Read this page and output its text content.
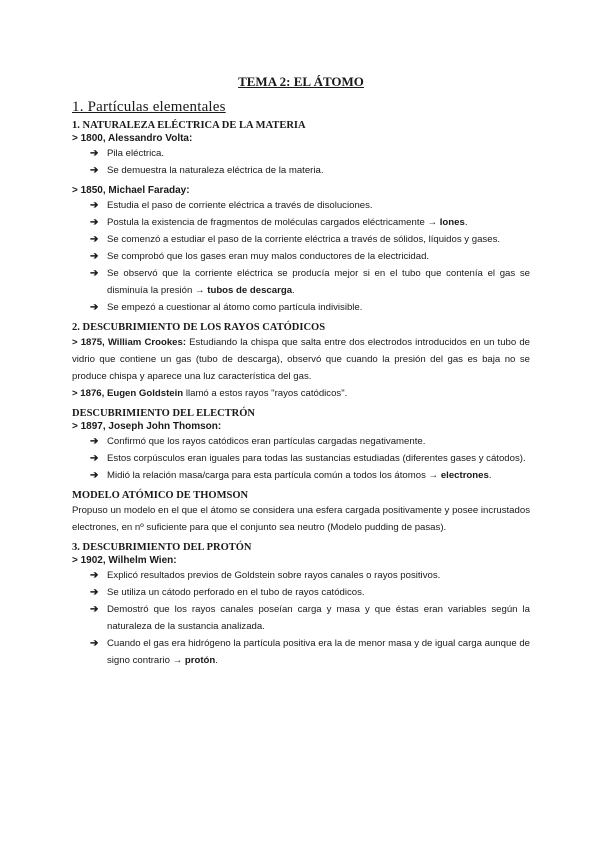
TEMA 2: EL ÁTOMO
1. Partículas elementales
1. NATURALEZA ELÉCTRICA DE LA MATERIA
> 1800, Alessandro Volta:
➔ Pila eléctrica.
➔ Se demuestra la naturaleza eléctrica de la materia.
> 1850, Michael Faraday:
➔ Estudia el paso de corriente eléctrica a través de disoluciones.
➔ Postula la existencia de fragmentos de moléculas cargados eléctricamente → Iones.
➔ Se comenzó a estudiar el paso de la corriente eléctrica a través de sólidos, líquidos y gases.
➔ Se comprobó que los gases eran muy malos conductores de la electricidad.
➔ Se observó que la corriente eléctrica se producía mejor si en el tubo que contenía el gas se disminuía la presión → tubos de descarga.
➔ Se empezó a cuestionar al átomo como partícula indivisible.
2. DESCUBRIMIENTO DE LOS RAYOS CATÓDICOS

> 1875, William Crookes: Estudiando la chispa que salta entre dos electrodos introducidos en un tubo de vidrio que contiene un gas (tubo de descarga), observó que cuando la presión del gas es baja no se produce chispa y aparece una luz característica del gas.

> 1876, Eugen Goldstein llamó a estos rayos "rayos catódicos".

DESCUBRIMIENTO DEL ELECTRÓN
> 1897, Joseph John Thomson:
➔ Confirmó que los rayos catódicos eran partículas cargadas negativamente.
➔ Estos corpúsculos eran iguales para todas las sustancias estudiadas (diferentes gases y cátodos).
➔ Midió la relación masa/carga para esta partícula común a todos los átomos → electrones.
MODELO ATÓMICO DE THOMSON

Propuso un modelo en el que el átomo se considera una esfera cargada positivamente y posee incrustados electrones, en nº suficiente para que el conjunto sea neutro (Modelo pudding de pasas).

3. DESCUBRIMIENTO DEL PROTÓN
> 1902, Wilhelm Wien:
➔ Explicó resultados previos de Goldstein sobre rayos canales o rayos positivos.
➔ Se utiliza un cátodo perforado en el tubo de rayos catódicos.
➔ Demostró que los rayos canales poseían carga y masa y que éstas eran variables según la naturaleza de la sustancia analizada.
➔ Cuando el gas era hidrógeno la partícula positiva era la de menor masa y de igual carga aunque de signo contrario → protón.
